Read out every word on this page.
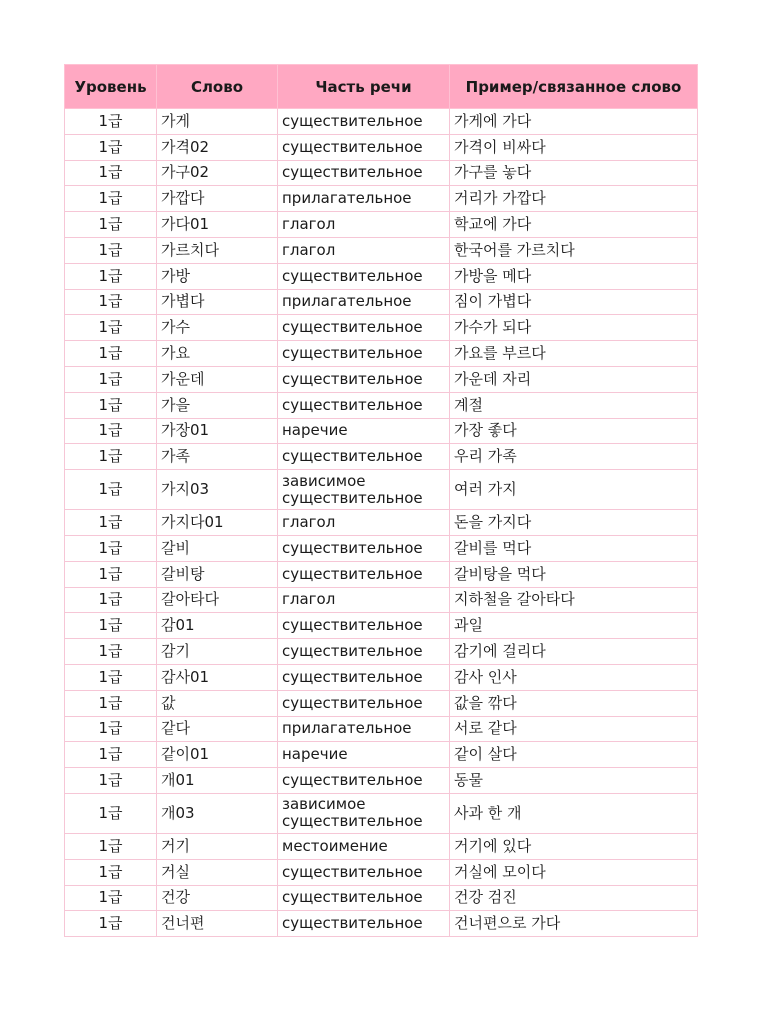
Уровень	Слово	Часть речи	Пример/связанное слово
1급	가게	существительное	가게에 가다
1급	가격02	существительное	가격이 비싸다
1급	가구02	существительное	가구를 놓다
1급	가깝다	прилагательное	거리가 가깝다
1급	가다01	глагол	학교에 가다
1급	가르치다	глагол	한국어를 가르치다
1급	가방	существительное	가방을 메다
1급	가볍다	прилагательное	짐이 가볍다
1급	가수	существительное	가수가 되다
1급	가요	существительное	가요를 부르다
1급	가운데	существительное	가운데 자리
1급	가을	существительное	계절
1급	가장01	наречие	가장 좋다
1급	가족	существительное	우리 가족
1급	가지03	зависимое существительное	여러 가지
1급	가지다01	глагол	돈을 가지다
1급	갈비	существительное	갈비를 먹다
1급	갈비탕	существительное	갈비탕을 먹다
1급	갈아타다	глагол	지하철을 갈아타다
1급	감01	существительное	과일
1급	감기	существительное	감기에 걸리다
1급	감사01	существительное	감사 인사
1급	값	существительное	값을 깎다
1급	같다	прилагательное	서로 같다
1급	같이01	наречие	같이 살다
1급	개01	существительное	동물
1급	개03	зависимое существительное	사과 한 개
1급	거기	местоимение	거기에 있다
1급	거실	существительное	거실에 모이다
1급	건강	существительное	건강 검진
1급	건너편	существительное	건너편으로 가다
